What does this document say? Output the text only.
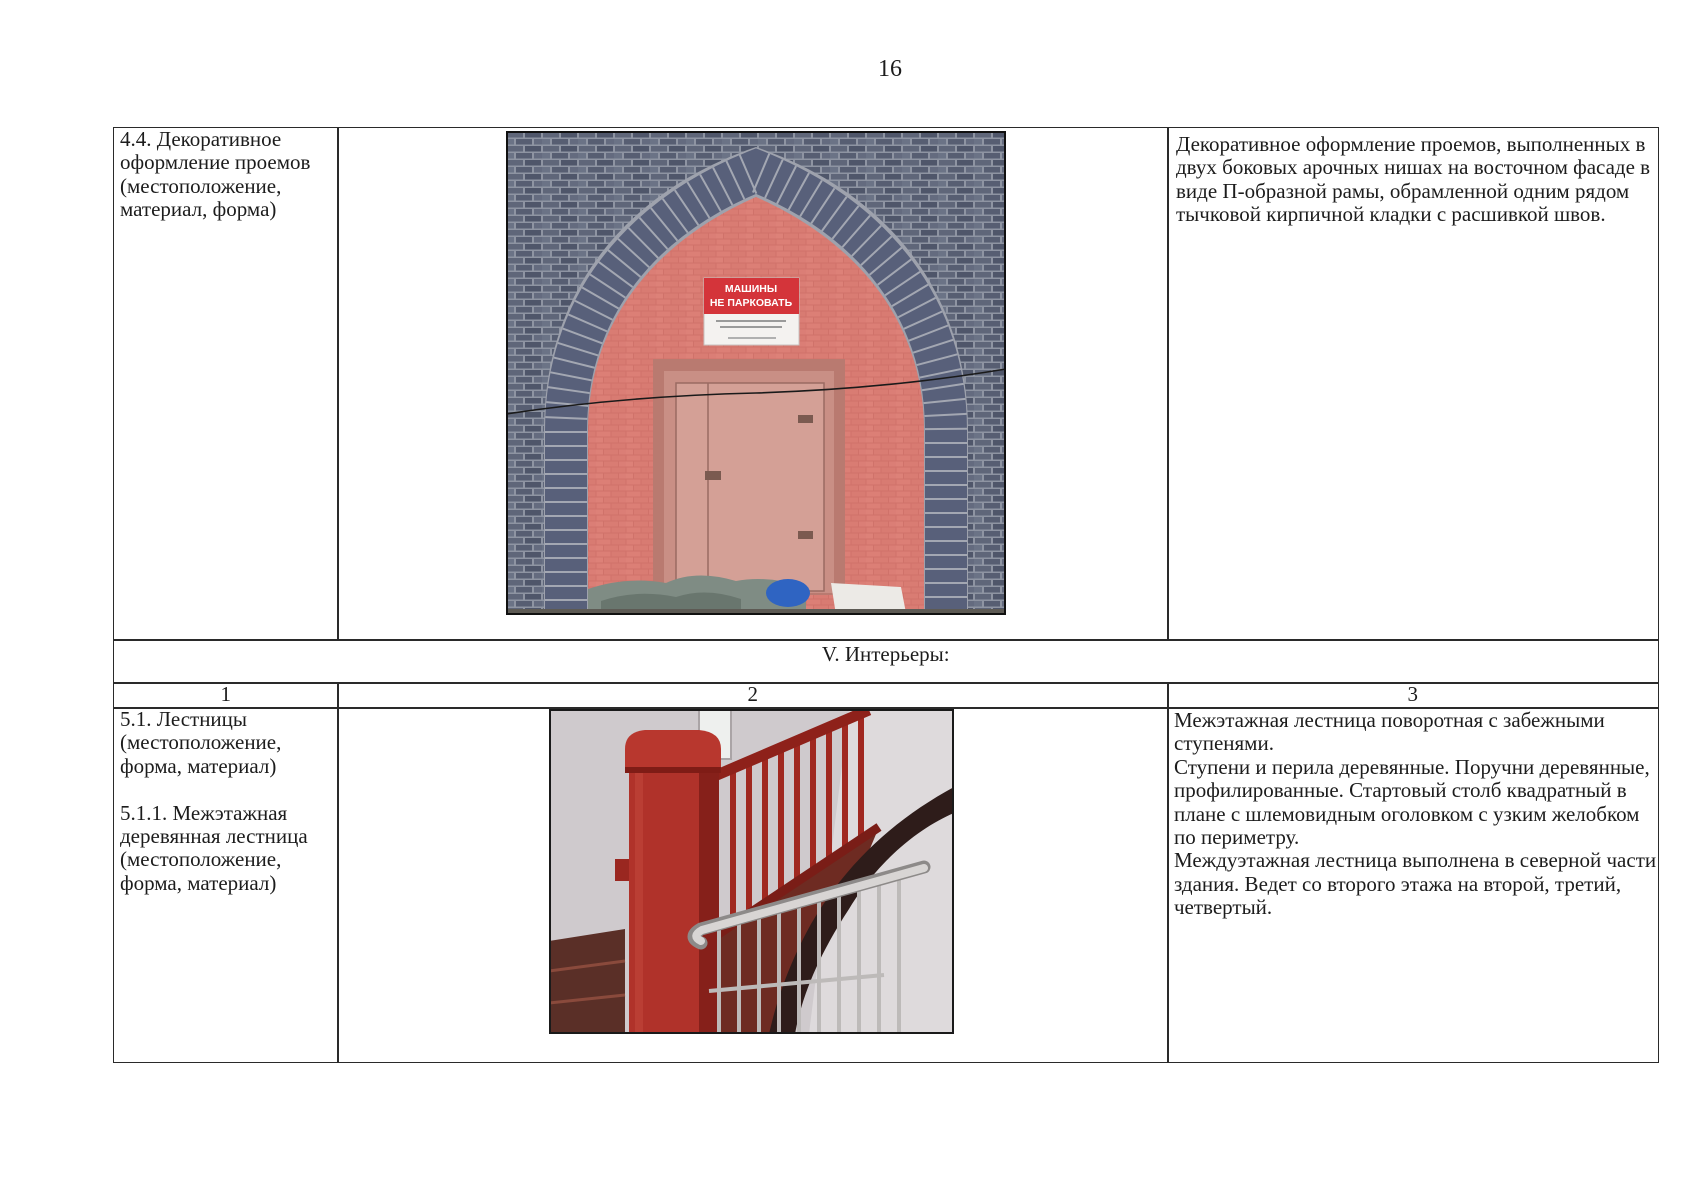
16
4.4. Декоративное
оформление проемов
(местоположение,
материал, форма)
Декоративное оформление проемов, выполненных в
двух боковых арочных нишах на восточном фасаде в
виде П-образной рамы, обрамленной одним рядом
тычковой кирпичной кладки с расшивкой швов.
МАШИНЫ
НЕ ПАРКОВАТЬ
V. Интерьеры:
1	2	3
5.1. Лестницы
(местоположение,
форма, материал)
5.1.1. Межэтажная
деревянная лестница
(местоположение,
форма, материал)
Межэтажная лестница поворотная с забежными
ступенями.
Ступени и перила деревянные. Поручни деревянные,
профилированные. Стартовый столб квадратный в
плане с шлемовидным оголовком с узким желобком
по периметру.
Междуэтажная лестница выполнена в северной части
здания. Ведет со второго этажа на второй, третий,
четвертый.
